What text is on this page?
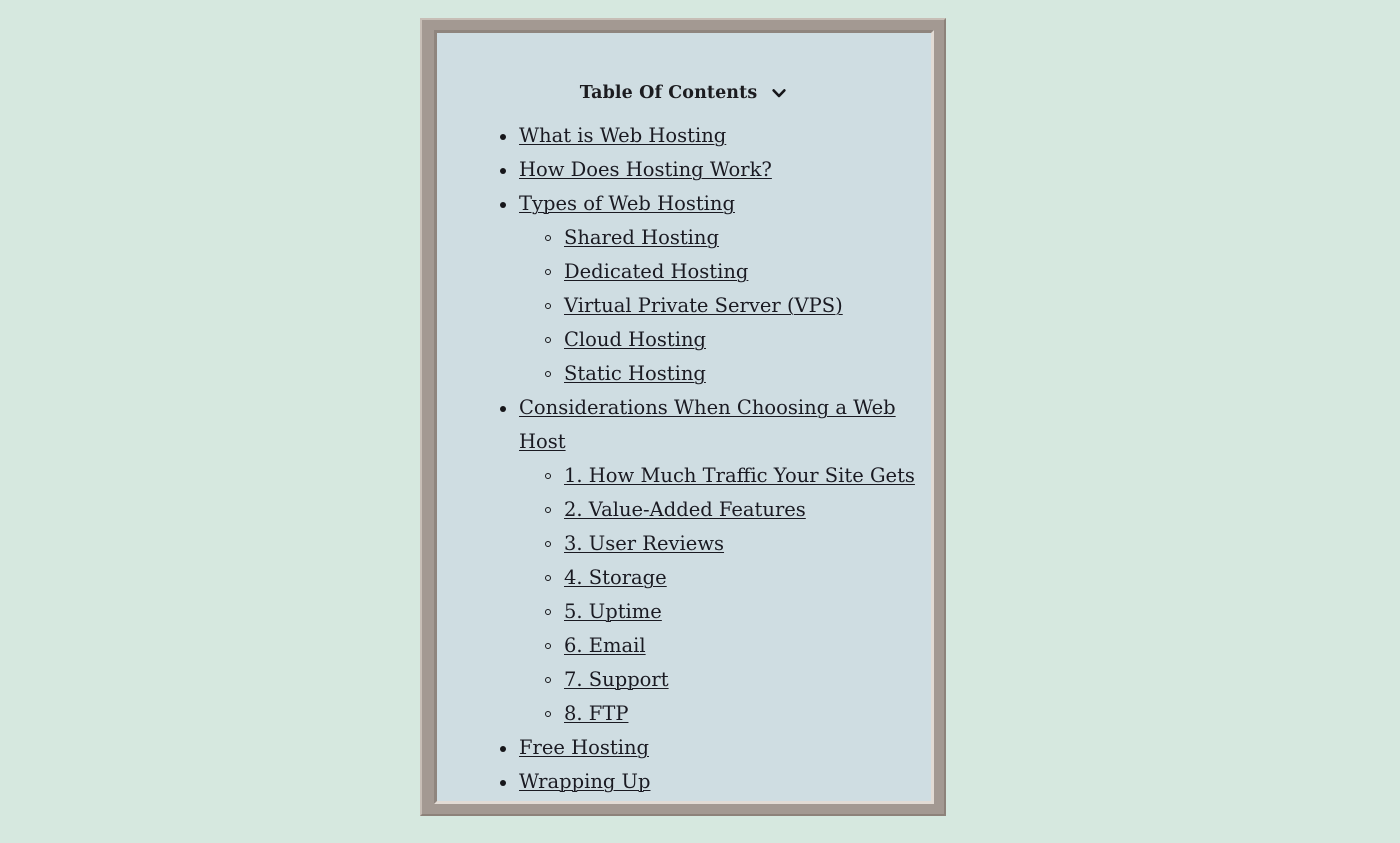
Table Of Contents
What is Web Hosting
How Does Hosting Work?
Types of Web Hosting
Shared Hosting
Dedicated Hosting
Virtual Private Server (VPS)
Cloud Hosting
Static Hosting
Considerations When Choosing a Web Host
1. How Much Traffic Your Site Gets
2. Value-Added Features
3. User Reviews
4. Storage
5. Uptime
6. Email
7. Support
8. FTP
Free Hosting
Wrapping Up
